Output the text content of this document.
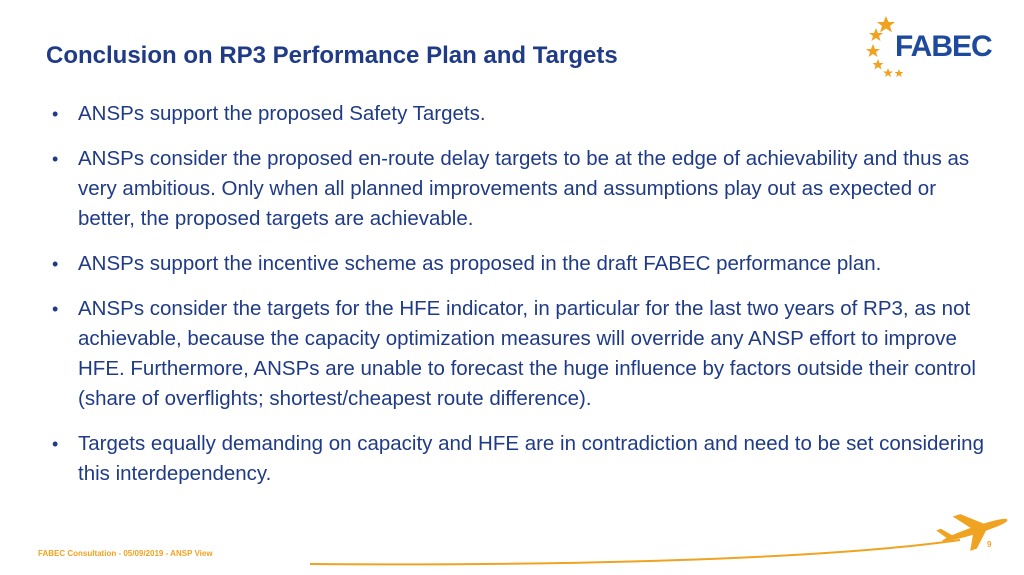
Conclusion on RP3 Performance Plan and Targets	FABEC
• ANSPs support the proposed Safety Targets.
• ANSPs consider the proposed en-route delay targets to be at the edge of achievability and thus as very ambitious. Only when all planned improvements and assumptions play out as expected or better, the proposed targets are achievable.
• ANSPs support the incentive scheme as proposed in the draft FABEC performance plan.
• ANSPs consider the targets for the HFE indicator, in particular for the last two years of RP3, as not achievable, because the capacity optimization measures will override any ANSP effort to improve HFE. Furthermore, ANSPs are unable to forecast the huge influence by factors outside their control (share of overflights; shortest/cheapest route difference).
• Targets equally demanding on capacity and HFE are in contradiction and need to be set considering this interdependency.
FABEC Consultation - 05/09/2019 - ANSP View
9
